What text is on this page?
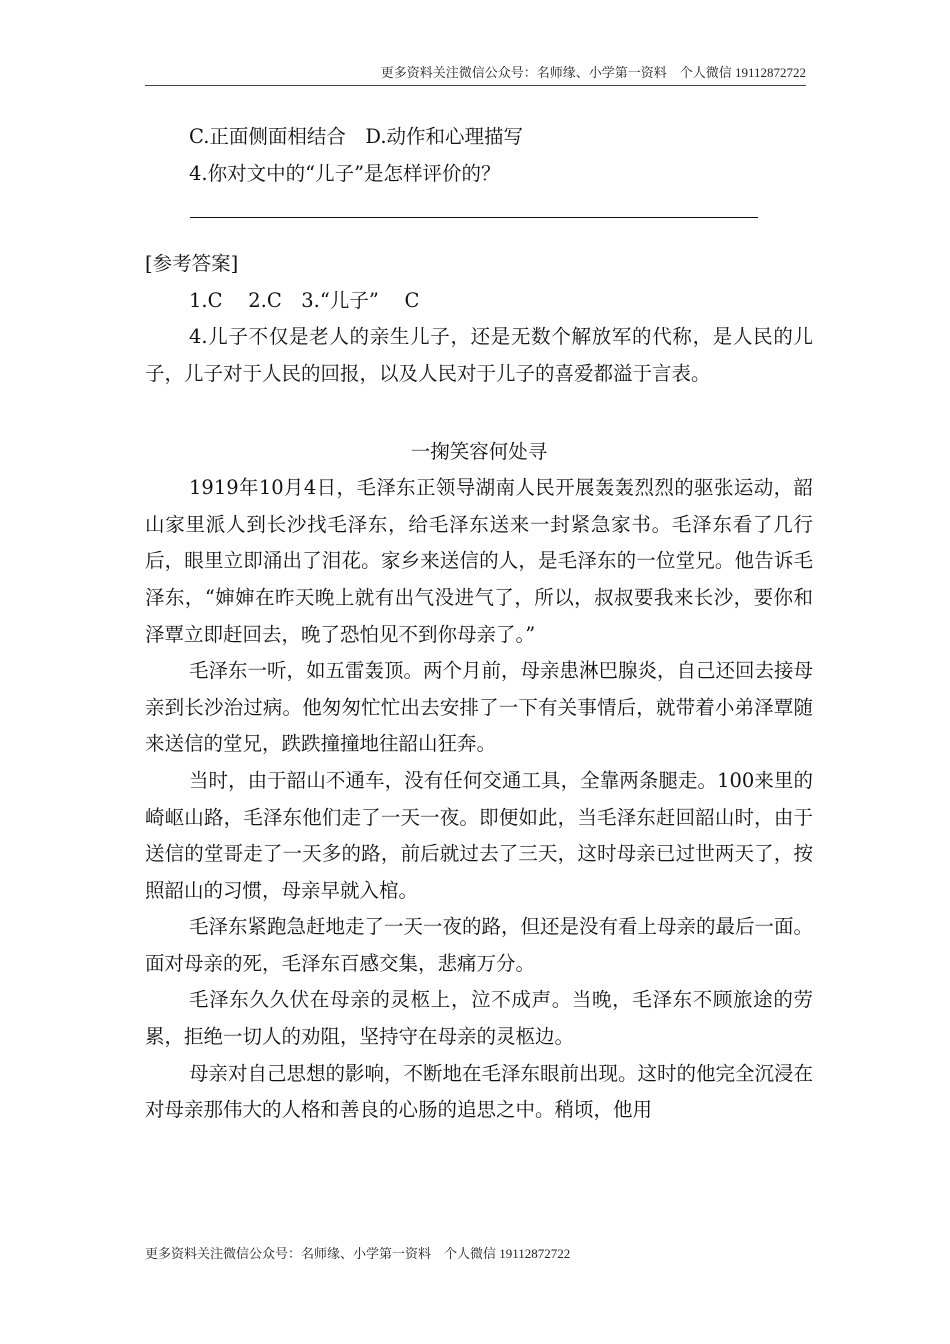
更多资料关注微信公众号：名师缘、小学第一资料　个人微信 19112872722

C.正面侧面相结合　D.动作和心理描写

4.你对文中的“儿子”是怎样评价的？

[参考答案]

1.C　 2.C　3.“儿子”　 C

4.儿子不仅是老人的亲生儿子，还是无数个解放军的代称，是人民的儿子，儿子对于人民的回报，以及人民对于儿子的喜爱都溢于言表。

一掬笑容何处寻

1919年10月4日，毛泽东正领导湖南人民开展轰轰烈烈的驱张运动，韶山家里派人到长沙找毛泽东，给毛泽东送来一封紧急家书。毛泽东看了几行后，眼里立即涌出了泪花。家乡来送信的人，是毛泽东的一位堂兄。他告诉毛泽东，“婶婶在昨天晚上就有出气没进气了，所以，叔叔要我来长沙，要你和泽覃立即赶回去，晚了恐怕见不到你母亲了。”

毛泽东一听，如五雷轰顶。两个月前，母亲患淋巴腺炎，自己还回去接母亲到长沙治过病。他匆匆忙忙出去安排了一下有关事情后，就带着小弟泽覃随来送信的堂兄，跌跌撞撞地往韶山狂奔。

当时，由于韶山不通车，没有任何交通工具，全靠两条腿走。100来里的崎岖山路，毛泽东他们走了一天一夜。即便如此，当毛泽东赶回韶山时，由于送信的堂哥走了一天多的路，前后就过去了三天，这时母亲已过世两天了，按照韶山的习惯，母亲早就入棺。

毛泽东紧跑急赶地走了一天一夜的路，但还是没有看上母亲的最后一面。面对母亲的死，毛泽东百感交集，悲痛万分。

毛泽东久久伏在母亲的灵柩上，泣不成声。当晚，毛泽东不顾旅途的劳累，拒绝一切人的劝阻，坚持守在母亲的灵柩边。

母亲对自己思想的影响，不断地在毛泽东眼前出现。这时的他完全沉浸在对母亲那伟大的人格和善良的心肠的追思之中。稍顷，他用

更多资料关注微信公众号：名师缘、小学第一资料　个人微信 19112872722
